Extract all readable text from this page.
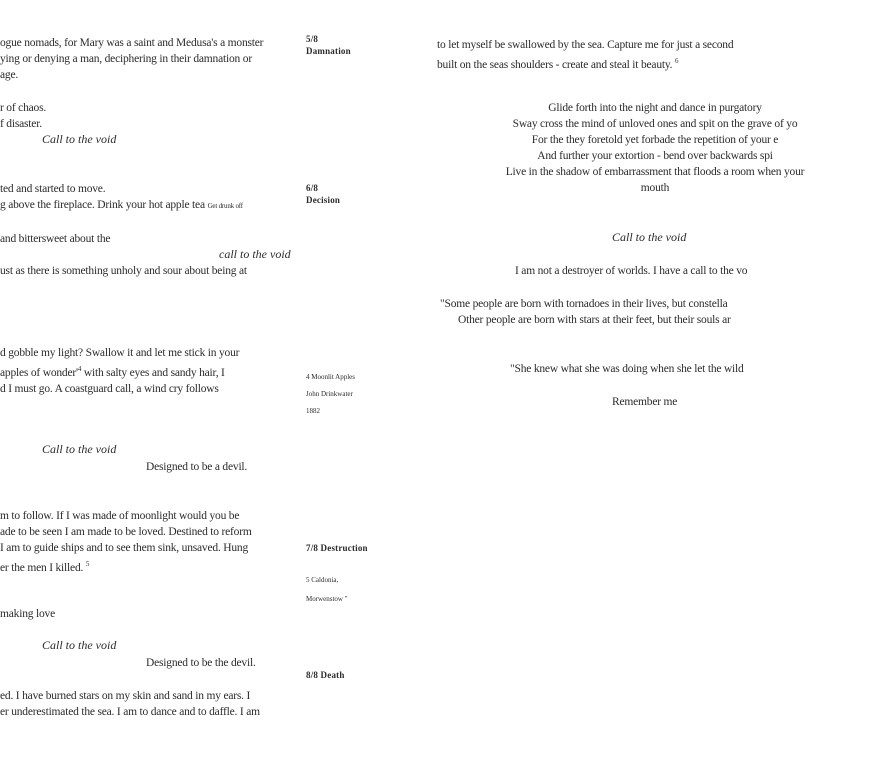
ogue nomads, for Mary was a saint and Medusa's a monster
ying or denying a man, deciphering in their damnation or
age.
r of chaos.
f disaster.
Call to the void
ted and started to move.
g above the fireplace. Drink your hot apple tea Get drunk off
and bittersweet about the
call to the void
ust as there is something unholy and sour about being at
d gobble my light? Swallow it and let me stick in your
apples of $wonder'^4$ with salty eyes and sandy hair, I
d I must go. A coastguard call, a wind cry follows
Call to the void
Designed to be a devil.
m to follow. If I was made of moonlight would you be
ade to be seen I am made to be loved. Destined to reform
I am to guide ships and to see them sink, unsaved. Hung
er the men I killed. $^5$
making love
Call to the void
Designed to be the devil.
ed. I have burned stars on my skin and sand in my ears. I
er underestimated the sea. I am to dance and to daffle. I am
5/8
Damnation
6/8
Decision
4 Moonlit Apples
John Drinkwater
1882
7/8 Destruction
5 Caldonia,
Morwenstow "
8/8 Death
to let myself be swallowed by the sea. Capture me for just a second
built on the seas shoulders - create and steal it beauty. $^6$
Glide forth into the night and dance in purgatory
Sway cross the mind of unloved ones and spit on the grave of yo
For the they foretold yet forbade the repetition of your e
And further your extortion - bend over backwards spi
Live in the shadow of embarrassment that floods a room when your
mouth
Call to the void
I am not a destroyer of worlds. I have a call to the vo
"Some people are born with tornadoes in their lives, but constella
Other people are born with stars at their feet, but their souls ar
"She knew what she was doing when she let the wild
Remember me
